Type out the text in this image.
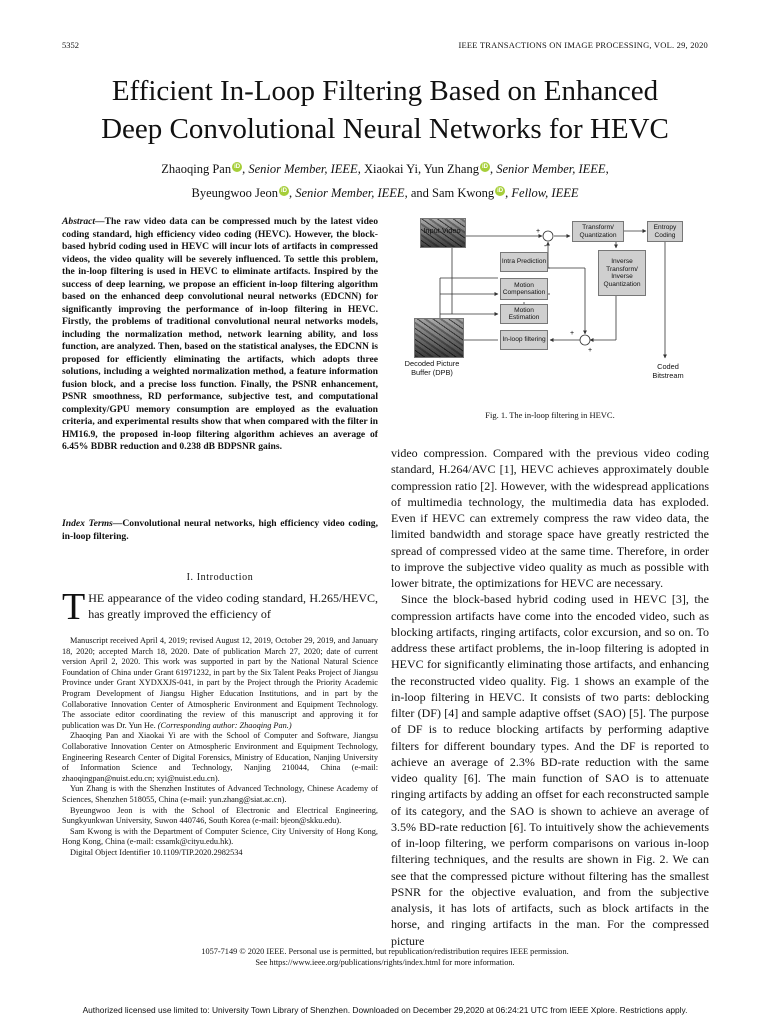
5352	IEEE TRANSACTIONS ON IMAGE PROCESSING, VOL. 29, 2020
Efficient In-Loop Filtering Based on Enhanced
Deep Convolutional Neural Networks for HEVC
Zhaoqing Pan iD , Senior Member, IEEE, Xiaokai Yi, Yun Zhang iD , Senior Member, IEEE,
Byeungwoo Jeon iD , Senior Member, IEEE, and Sam Kwong iD , Fellow, IEEE
Abstract—The raw video data can be compressed much by the latest video coding standard, high efficiency video coding (HEVC). However, the block-based hybrid coding used in HEVC will incur lots of artifacts in compressed videos, the video quality will be severely influenced. To settle this problem, the in-loop filtering is used in HEVC to eliminate artifacts. Inspired by the success of deep learning, we propose an efficient in-loop filtering algorithm based on the enhanced deep convolutional neural networks (EDCNN) for significantly improving the performance of in-loop filtering in HEVC. Firstly, the problems of traditional convolutional neural networks models, including the normalization method, network learning ability, and loss function, are analyzed. Then, based on the statistical analyses, the EDCNN is proposed for efficiently eliminating the artifacts, which adopts three solutions, including a weighted normalization method, a feature information fusion block, and a precise loss function. Finally, the PSNR enhancement, PSNR smoothness, RD performance, subjective test, and computational complexity/GPU memory consumption are employed as the evaluation criteria, and experimental results show that when compared with the filter in HM16.9, the proposed in-loop filtering algorithm achieves an average of 6.45% BDBR reduction and 0.238 dB BDPSNR gains.
Index Terms—Convolutional neural networks, high efficiency video coding, in-loop filtering.
I. Introduction
THE appearance of the video coding standard, H.265/HEVC, has greatly improved the efficiency of

Manuscript received April 4, 2019; revised August 12, 2019, October 29, 2019, and January 18, 2020; accepted March 18, 2020. Date of publication March 27, 2020; date of current version April 2, 2020. This work was supported in part by the National Natural Science Foundation of China under Grant 61971232, in part by the Six Talent Peaks Project of Jiangsu Province under Grant XYDXXJS-041, in part by the Project through the Priority Academic Program Development of Jiangsu Higher Education Institutions, and in part by the Collaborative Innovation Center of Atmospheric Environment and Equipment Technology. The associate editor coordinating the review of this manuscript and approving it for publication was Dr. Yun He. (Corresponding author: Zhaoqing Pan.)

Zhaoqing Pan and Xiaokai Yi are with the School of Computer and Software, Jiangsu Collaborative Innovation Center on Atmospheric Environment and Equipment Technology, Engineering Research Center of Digital Forensics, Ministry of Education, Nanjing University of Information Science and Technology, Nanjing 210044, China (e-mail: zhaoqingpan@nuist.edu.cn; xyi@nuist.edu.cn).

Yun Zhang is with the Shenzhen Institutes of Advanced Technology, Chinese Academy of Sciences, Shenzhen 518055, China (e-mail: yun.zhang@siat.ac.cn).

Byeungwoo Jeon is with the School of Electronic and Electrical Engineering, Sungkyunkwan University, Suwon 440746, South Korea (e-mail: bjeon@skku.edu).

Sam Kwong is with the Department of Computer Science, City University of Hong Kong, Hong Kong, China (e-mail: cssamk@cityu.edu.hk).

Digital Object Identifier 10.1109/TIP.2020.2982534

+
-
+
+
Input Video	Transform/ Quantization
Entropy Coding
Intra Prediction
Motion Compensation
Motion Estimation
In-loop filtering
Inverse Transform/ Inverse Quantization
Decoded Picture Buffer (DPB)
Coded Bitstream
Fig. 1. The in-loop filtering in HEVC.

video compression. Compared with the previous video coding standard, H.264/AVC [1], HEVC achieves approximately double compression ratio [2]. However, with the widespread applications of multimedia technology, the multimedia data has exploded. Even if HEVC can extremely compress the raw video data, the limited bandwidth and storage space have greatly restricted the spread of compressed video at the same time. Therefore, in order to improve the subjective video quality as much as possible with lower bitrate, the optimizations for HEVC are necessary.

Since the block-based hybrid coding used in HEVC [3], the compression artifacts have come into the encoded video, such as blocking artifacts, ringing artifacts, color excursion, and so on. To address these artifact problems, the in-loop filtering is adopted in HEVC for significantly eliminating those artifacts, and enhancing the reconstructed video quality. Fig. 1 shows an example of the in-loop filtering in HEVC. It consists of two parts: deblocking filter (DF) [4] and sample adaptive offset (SAO) [5]. The purpose of DF is to reduce blocking artifacts by performing adaptive filters for different boundary types. And the DF is reported to achieve an average of 2.3% BD-rate reduction with the same video quality [6]. The main function of SAO is to attenuate ringing artifacts by adding an offset for each reconstructed sample of its category, and the SAO is shown to achieve an average of 3.5% BD-rate reduction [6]. To intuitively show the achievements of in-loop filtering, we perform comparisons on various in-loop filtering techniques, and the results are shown in Fig. 2. We can see that the compressed picture without filtering has the smallest PSNR for the objective evaluation, and from the subjective analysis, it has lots of artifacts, such as block artifacts in the horse, and ringing artifacts in the man. For the compressed picture

1057-7149 © 2020 IEEE. Personal use is permitted, but republication/redistribution requires IEEE permission.
See https://www.ieee.org/publications/rights/index.html for more information.
Authorized licensed use limited to: University Town Library of Shenzhen. Downloaded on December 29,2020 at 06:24:21 UTC from IEEE Xplore. Restrictions apply.
